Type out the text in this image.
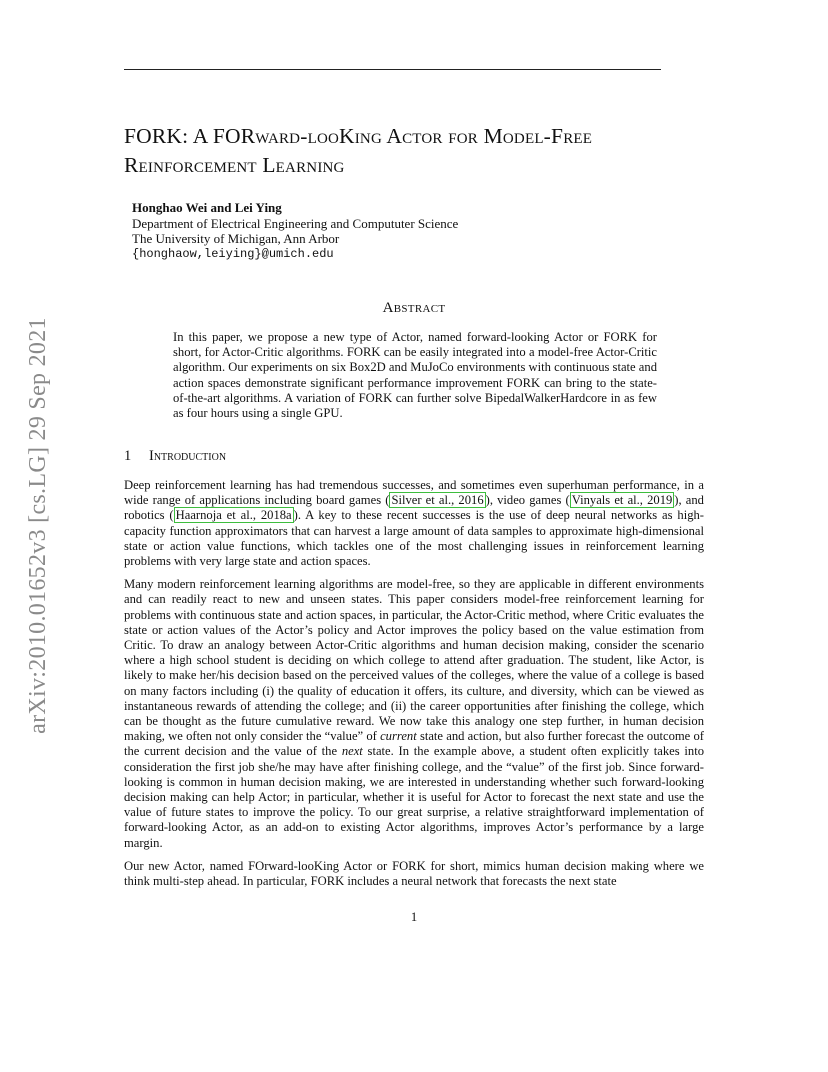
arXiv:2010.01652v3 [cs.LG] 29 Sep 2021
FORK: A FORward-looKing Actor for Model-Free
Reinforcement Learning
Honghao Wei and Lei Ying
Department of Electrical Engineering and Compututer Science
The University of Michigan, Ann Arbor
{honghaow,leiying}@umich.edu
Abstract
In this paper, we propose a new type of Actor, named forward-looking Actor or FORK for short, for Actor-Critic algorithms. FORK can be easily integrated into a model-free Actor-Critic algorithm. Our experiments on six Box2D and MuJoCo environments with continuous state and action spaces demonstrate significant performance improvement FORK can bring to the state-of-the-art algorithms. A variation of FORK can further solve BipedalWalkerHardcore in as few as four hours using a single GPU.
1 Introduction

Deep reinforcement learning has had tremendous successes, and sometimes even superhuman performance, in a wide range of applications including board games ( Silver et al., 2016 ), video games ( Vinyals et al., 2019 ), and robotics ( Haarnoja et al., 2018a ). A key to these recent successes is the use of deep neural networks as high-capacity function approximators that can harvest a large amount of data samples to approximate high-dimensional state or action value functions, which tackles one of the most challenging issues in reinforcement learning problems with very large state and action spaces.

Many modern reinforcement learning algorithms are model-free, so they are applicable in different environments and can readily react to new and unseen states. This paper considers model-free reinforcement learning for problems with continuous state and action spaces, in particular, the Actor-Critic method, where Critic evaluates the state or action values of the Actor’s policy and Actor improves the policy based on the value estimation from Critic. To draw an analogy between Actor-Critic algorithms and human decision making, consider the scenario where a high school student is deciding on which college to attend after graduation. The student, like Actor, is likely to make her/his decision based on the perceived values of the colleges, where the value of a college is based on many factors including (i) the quality of education it offers, its culture, and diversity, which can be viewed as instantaneous rewards of attending the college; and (ii) the career opportunities after finishing the college, which can be thought as the future cumulative reward. We now take this analogy one step further, in human decision making, we often not only consider the “value” of current state and action, but also further forecast the outcome of the current decision and the value of the next state. In the example above, a student often explicitly takes into consideration the first job she/he may have after finishing college, and the “value” of the first job. Since forward-looking is common in human decision making, we are interested in understanding whether such forward-looking decision making can help Actor; in particular, whether it is useful for Actor to forecast the next state and use the value of future states to improve the policy. To our great surprise, a relative straightforward implementation of forward-looking Actor, as an add-on to existing Actor algorithms, improves Actor’s performance by a large margin.

Our new Actor, named FOrward-looKing Actor or FORK for short, mimics human decision making where we think multi-step ahead. In particular, FORK includes a neural network that forecasts the next state

1
